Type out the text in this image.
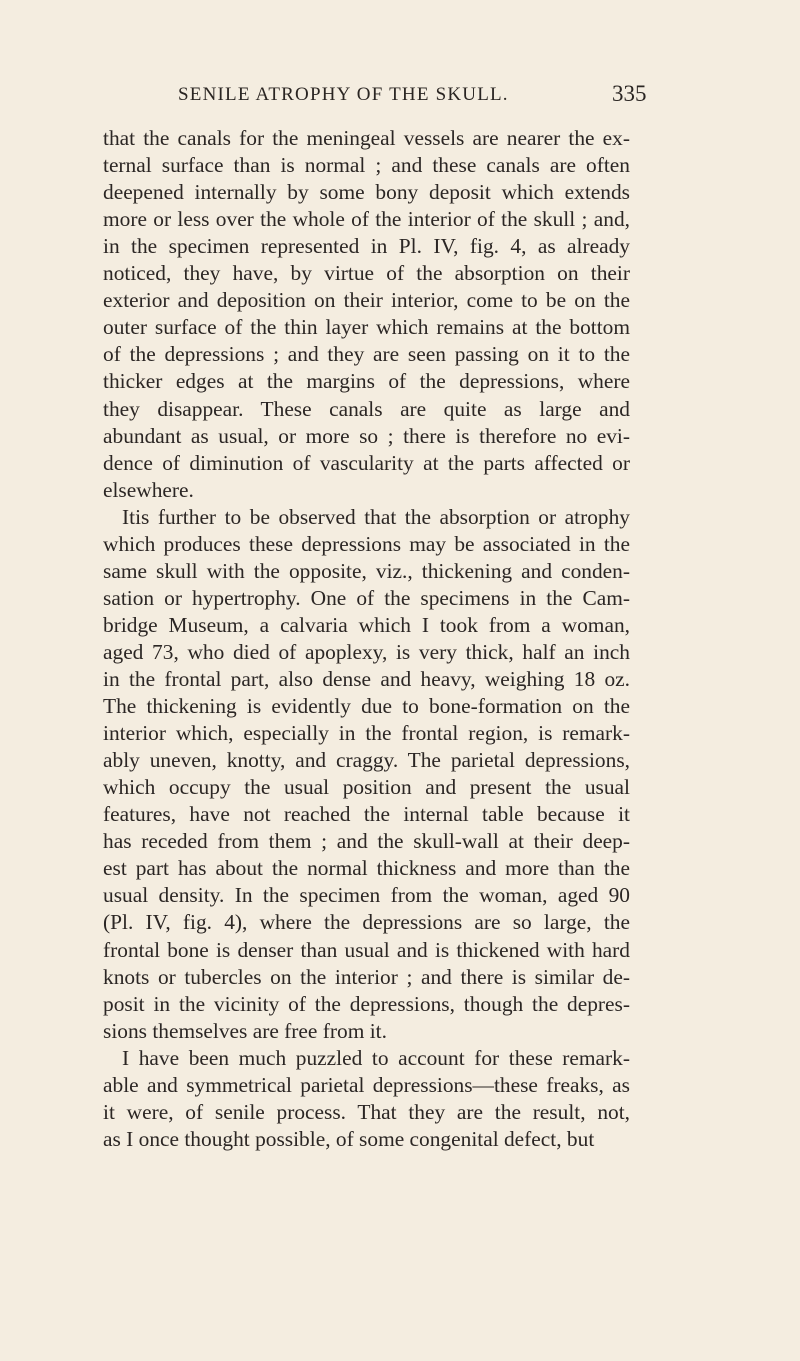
SENILE ATROPHY OF THE SKULL.	335
that the canals for the meningeal vessels are nearer the ex-
ternal surface than is normal ; and these canals are often
deepened internally by some bony deposit which extends
more or less over the whole of the interior of the skull ; and,
in the specimen represented in Pl. IV, fig. 4, as already
noticed, they have, by virtue of the absorption on their
exterior and deposition on their interior, come to be on the
outer surface of the thin layer which remains at the bottom
of the depressions ; and they are seen passing on it to the
thicker edges at the margins of the depressions, where
they disappear. These canals are quite as large and
abundant as usual, or more so ; there is therefore no evi-
dence of diminution of vascularity at the parts affected or
elsewhere.
Itis further to be observed that the absorption or atrophy
which produces these depressions may be associated in the
same skull with the opposite, viz., thickening and conden-
sation or hypertrophy. One of the specimens in the Cam-
bridge Museum, a calvaria which I took from a woman,
aged 73, who died of apoplexy, is very thick, half an inch
in the frontal part, also dense and heavy, weighing 18 oz.
The thickening is evidently due to bone-formation on the
interior which, especially in the frontal region, is remark-
ably uneven, knotty, and craggy. The parietal depressions,
which occupy the usual position and present the usual
features, have not reached the internal table because it
has receded from them ; and the skull-wall at their deep-
est part has about the normal thickness and more than the
usual density. In the specimen from the woman, aged 90
(Pl. IV, fig. 4), where the depressions are so large, the
frontal bone is denser than usual and is thickened with hard
knots or tubercles on the interior ; and there is similar de-
posit in the vicinity of the depressions, though the depres-
sions themselves are free from it.
I have been much puzzled to account for these remark-
able and symmetrical parietal depressions—these freaks, as
it were, of senile process. That they are the result, not,
as I once thought possible, of some congenital defect, but
